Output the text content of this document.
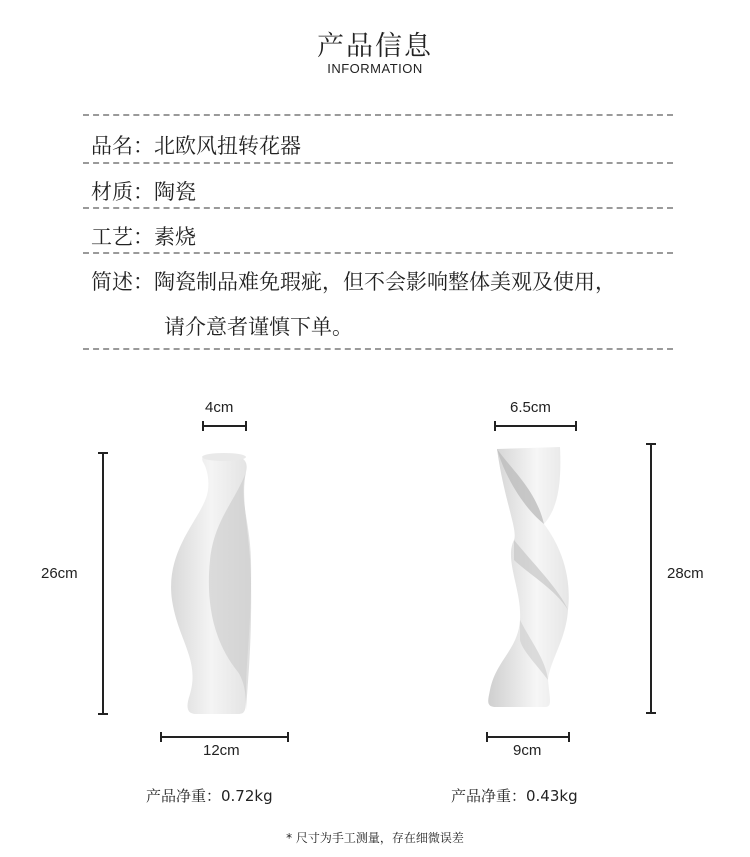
产品信息
INFORMATION
品名：北欧风扭转花器
材质：陶瓷
工艺：素烧
简述：陶瓷制品难免瑕疵，但不会影响整体美观及使用，
请介意者谨慎下单。
4cm
26cm
12cm
产品净重：0.72kg
6.5cm
28cm
9cm
产品净重：0.43kg
* 尺寸为手工测量，存在细微误差
